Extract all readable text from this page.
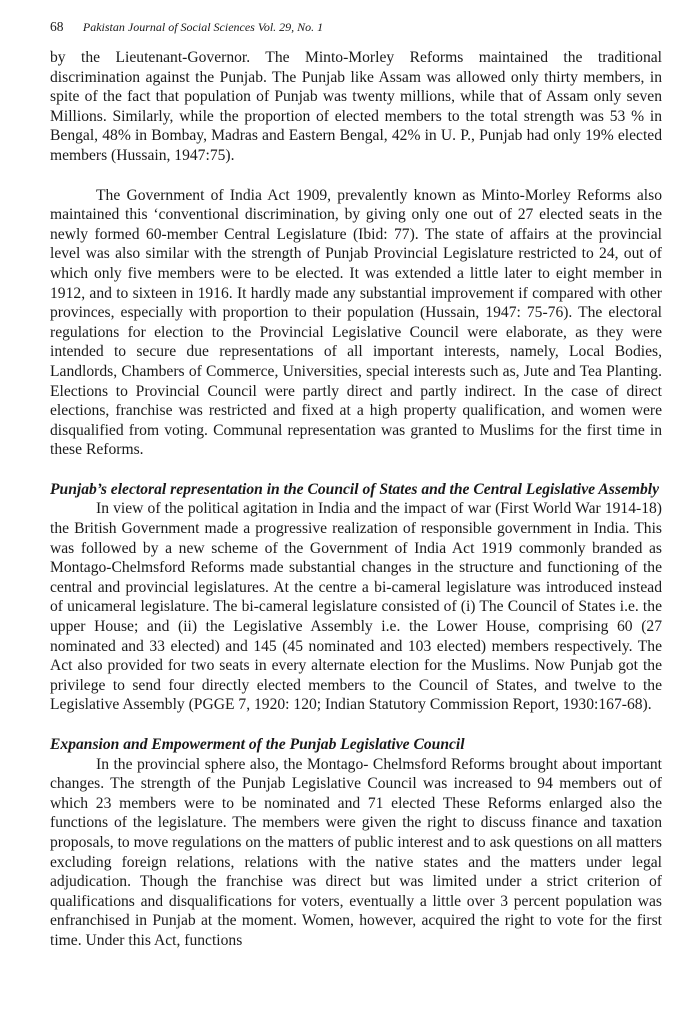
68 Pakistan Journal of Social Sciences Vol. 29, No. 1

by the Lieutenant-Governor. The Minto-Morley Reforms maintained the traditional discrimination against the Punjab. The Punjab like Assam was allowed only thirty members, in spite of the fact that population of Punjab was twenty millions, while that of Assam only seven Millions. Similarly, while the proportion of elected members to the total strength was 53 % in Bengal, 48% in Bombay, Madras and Eastern Bengal, 42% in U. P., Punjab had only 19% elected members (Hussain, 1947:75).

The Government of India Act 1909, prevalently known as Minto-Morley Reforms also maintained this ‘conventional discrimination, by giving only one out of 27 elected seats in the newly formed 60-member Central Legislature (Ibid: 77). The state of affairs at the provincial level was also similar with the strength of Punjab Provincial Legislature restricted to 24, out of which only five members were to be elected. It was extended a little later to eight member in 1912, and to sixteen in 1916. It hardly made any substantial improvement if compared with other provinces, especially with proportion to their population (Hussain, 1947: 75-76). The electoral regulations for election to the Provincial Legislative Council were elaborate, as they were intended to secure due representations of all important interests, namely, Local Bodies, Landlords, Chambers of Commerce, Universities, special interests such as, Jute and Tea Planting. Elections to Provincial Council were partly direct and partly indirect. In the case of direct elections, franchise was restricted and fixed at a high property qualification, and women were disqualified from voting. Communal representation was granted to Muslims for the first time in these Reforms.

Punjab’s electoral representation in the Council of States and the Central Legislative Assembly

In view of the political agitation in India and the impact of war (First World War 1914-18) the British Government made a progressive realization of responsible government in India. This was followed by a new scheme of the Government of India Act 1919 commonly branded as Montago-Chelmsford Reforms made substantial changes in the structure and functioning of the central and provincial legislatures. At the centre a bi-cameral legislature was introduced instead of unicameral legislature. The bi-cameral legislature consisted of (i) The Council of States i.e. the upper House; and (ii) the Legislative Assembly i.e. the Lower House, comprising 60 (27 nominated and 33 elected) and 145 (45 nominated and 103 elected) members respectively. The Act also provided for two seats in every alternate election for the Muslims. Now Punjab got the privilege to send four directly elected members to the Council of States, and twelve to the Legislative Assembly (PGGE 7, 1920: 120; Indian Statutory Commission Report, 1930:167-68).

Expansion and Empowerment of the Punjab Legislative Council

In the provincial sphere also, the Montago- Chelmsford Reforms brought about important changes. The strength of the Punjab Legislative Council was increased to 94 members out of which 23 members were to be nominated and 71 elected These Reforms enlarged also the functions of the legislature. The members were given the right to discuss finance and taxation proposals, to move regulations on the matters of public interest and to ask questions on all matters excluding foreign relations, relations with the native states and the matters under legal adjudication. Though the franchise was direct but was limited under a strict criterion of qualifications and disqualifications for voters, eventually a little over 3 percent population was enfranchised in Punjab at the moment. Women, however, acquired the right to vote for the first time. Under this Act, functions
